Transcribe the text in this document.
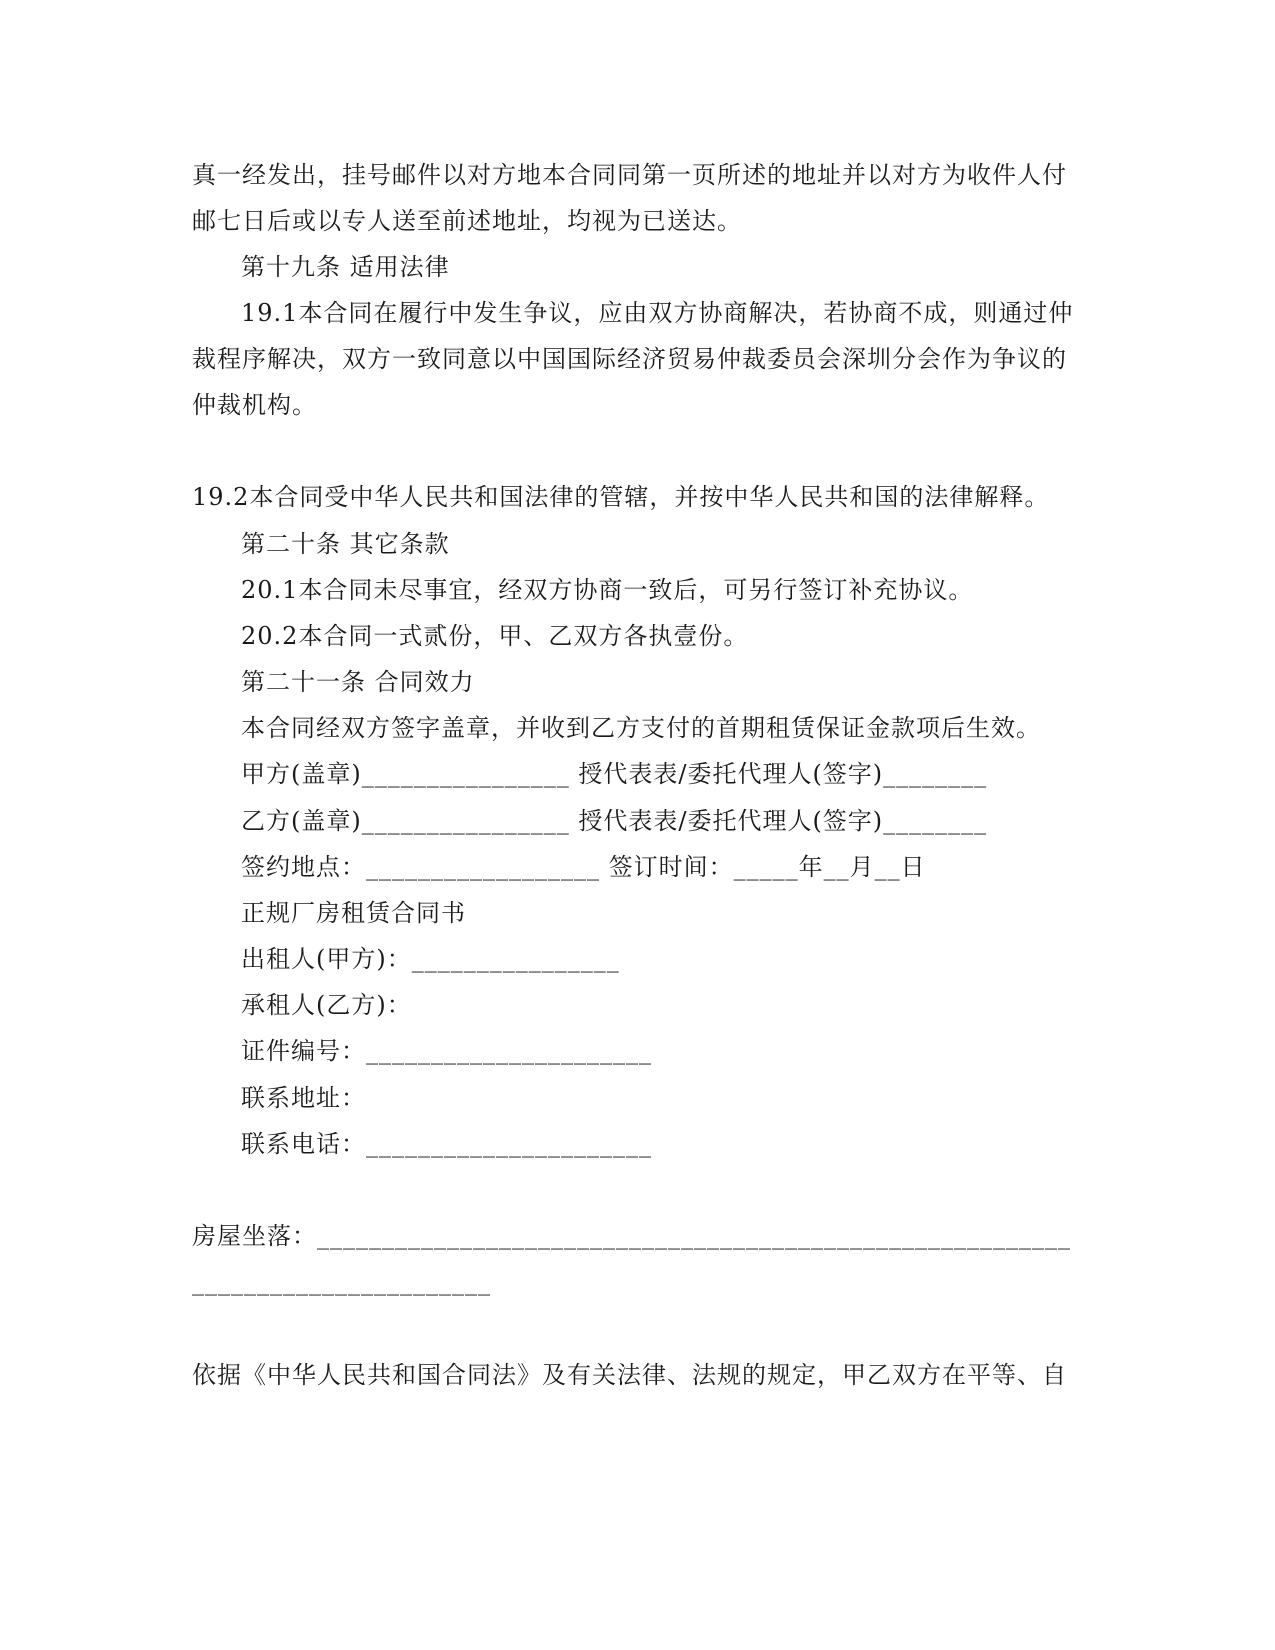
真一经发出，挂号邮件以对方地本合同同第一页所述的地址并以对方为收件人付
邮七日后或以专人送至前述地址，均视为已送达。
第十九条 适用法律
19.1本合同在履行中发生争议，应由双方协商解决，若协商不成，则通过仲
裁程序解决，双方一致同意以中国国际经济贸易仲裁委员会深圳分会作为争议的
仲裁机构。
19.2本合同受中华人民共和国法律的管辖，并按中华人民共和国的法律解释。
第二十条 其它条款
20.1本合同未尽事宜，经双方协商一致后，可另行签订补充协议。
20.2本合同一式贰份，甲、乙双方各执壹份。
第二十一条 合同效力
本合同经双方签字盖章，并收到乙方支付的首期租赁保证金款项后生效。
甲方(盖章)________________ 授代表表/委托代理人(签字)________
乙方(盖章)________________ 授代表表/委托代理人(签字)________
签约地点：__________________ 签订时间：_____年__月__日
正规厂房租赁合同书
出租人(甲方)：________________
承租人(乙方)：
证件编号：______________________
联系地址：
联系电话：______________________
房屋坐落：__________________________________________________________
_______________________
依据《中华人民共和国合同法》及有关法律、法规的规定，甲乙双方在平等、自
